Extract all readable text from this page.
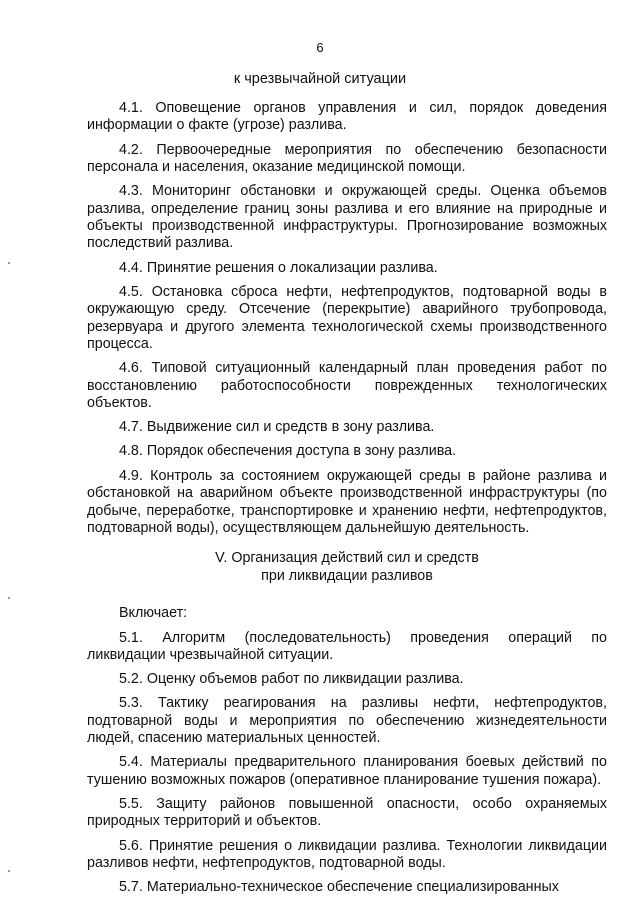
6
к чрезвычайной ситуации

4.1. Оповещение органов управления и сил, порядок доведения информации о факте (угрозе) разлива.

4.2. Первоочередные мероприятия по обеспечению безопасности персонала и населения, оказание медицинской помощи.

4.3. Мониторинг обстановки и окружающей среды. Оценка объемов разлива, определение границ зоны разлива и его влияние на природные и объекты производственной инфраструктуры. Прогнозирование возможных последствий разлива.

4.4. Принятие решения о локализации разлива.

4.5. Остановка сброса нефти, нефтепродуктов, подтоварной воды в окружающую среду. Отсечение (перекрытие) аварийного трубопровода, резервуара и другого элемента технологической схемы производственного процесса.

4.6. Типовой ситуационный календарный план проведения работ по восстановлению работоспособности поврежденных технологических объектов.

4.7. Выдвижение сил и средств в зону разлива.

4.8. Порядок обеспечения доступа в зону разлива.

4.9. Контроль за состоянием окружающей среды в районе разлива и обстановкой на аварийном объекте производственной инфраструктуры (по добыче, переработке, транспортировке и хранению нефти, нефтепродуктов, подтоварной воды), осуществляющем дальнейшую деятельность.

V. Организация действий сил и средств
при ликвидации разливов

Включает:

5.1. Алгоритм (последовательность) проведения операций по ликвидации чрезвычайной ситуации.

5.2. Оценку объемов работ по ликвидации разлива.

5.3. Тактику реагирования на разливы нефти, нефтепродуктов, подтоварной воды и мероприятия по обеспечению жизнедеятельности людей, спасению материальных ценностей.

5.4. Материалы предварительного планирования боевых действий по тушению возможных пожаров (оперативное планирование тушения пожара).

5.5. Защиту районов повышенной опасности, особо охраняемых природных территорий и объектов.

5.6. Принятие решения о ликвидации разлива. Технологии ликвидации разливов нефти, нефтепродуктов, подтоварной воды.

5.7. Материально-техническое обеспечение специализированных
